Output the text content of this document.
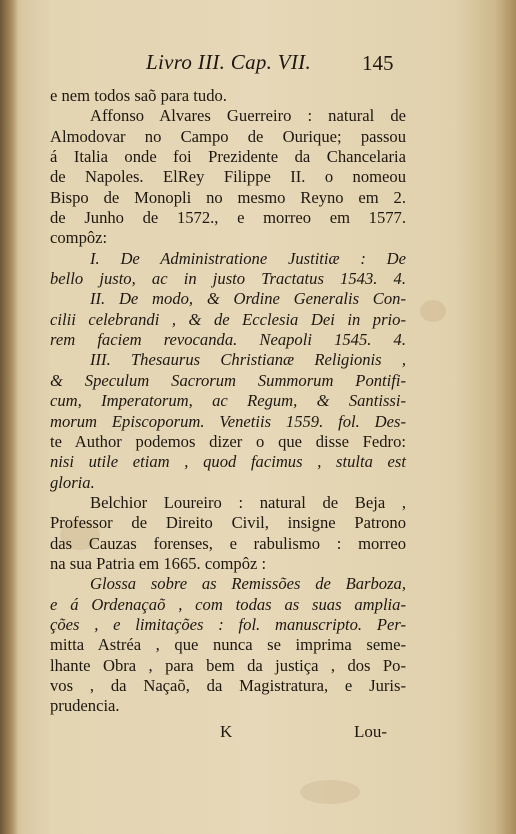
Livro III. Cap. VII. 145
e nem todos saõ para tudo.
Affonso Alvares Guerreiro : natural de
Almodovar no Campo de Ourique; passou
á Italia onde foi Prezidente da Chancelaria
de Napoles. ElRey Filippe II. o nomeou
Bispo de Monopli no mesmo Reyno em 2.
de Junho de 1572., e morreo em 1577.
compôz:
I. De Administratione Justitiæ : De
bello justo, ac in justo Tractatus 1543. 4.
II. De modo, & Ordine Generalis Con-
cilii celebrandi , & de Ecclesia Dei in prio-
rem faciem revocanda. Neapoli 1545. 4.
III. Thesaurus Christianæ Religionis ,
& Speculum Sacrorum Summorum Pontifi-
cum, Imperatorum, ac Regum, & Santissi-
morum Episcoporum. Venetiis 1559. fol. Des-
te Author podemos dizer o que disse Fedro:
nisi utile etiam , quod facimus , stulta est
gloria.
Belchior Loureiro : natural de Beja ,
Professor de Direito Civil, insigne Patrono
das Cauzas forenses, e rabulismo : morreo
na sua Patria em 1665. compôz :
Glossa sobre as Remissões de Barboza,
e á Ordenaçaõ , com todas as suas amplia-
ções , e limitações : fol. manuscripto. Per-
mitta Astréa , que nunca se imprima seme-
lhante Obra , para bem da justiça , dos Po-
vos , da Naçaõ, da Magistratura, e Juris-
prudencia.
K	Lou-
